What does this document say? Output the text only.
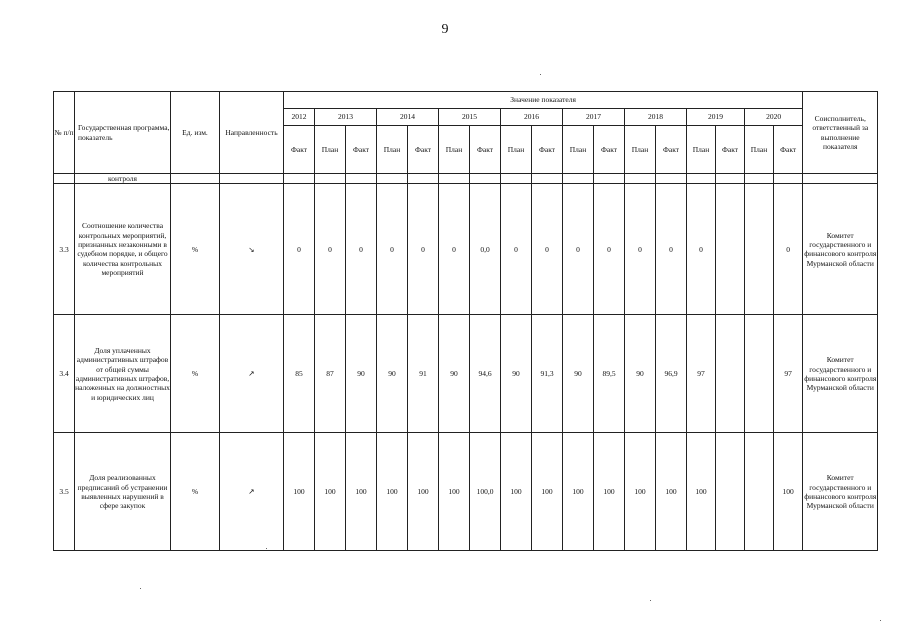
9
№ п/п	Государственная программа, показатель	Ед. изм.	Направленность	Значение показателя																	Соисполнитель, ответственный за выполнение показателя
				2012	2013		2014		2015		2016		2017		2018		2019		2020		
				Факт	План	Факт	План	Факт	План	Факт	План	Факт	План	Факт	План	Факт	План	Факт	План	Факт	
	контроля																				
3.3	Соотношение количества контрольных мероприятий, признанных незаконными в судебном порядке, и общего количества контрольных мероприятий	%	↘	0	0	0	0	0	0	0,0	0	0	0	0	0	0	0			0	Комитет государственного и финансового контроля Мурманской области
3.4	Доля уплаченных административных штрафов от общей суммы административных штрафов, наложенных на должностных и юридических лиц	%	↗	85	87	90	90	91	90	94,6	90	91,3	90	89,5	90	96,9	97			97	Комитет государственного и финансового контроля Мурманской области
3.5	Доля реализованных предписаний об устранении выявленных нарушений в сфере закупок	%	↗	100	100	100	100	100	100	100,0	100	100	100	100	100	100	100			100	Комитет государственного и финансового контроля Мурманской области
